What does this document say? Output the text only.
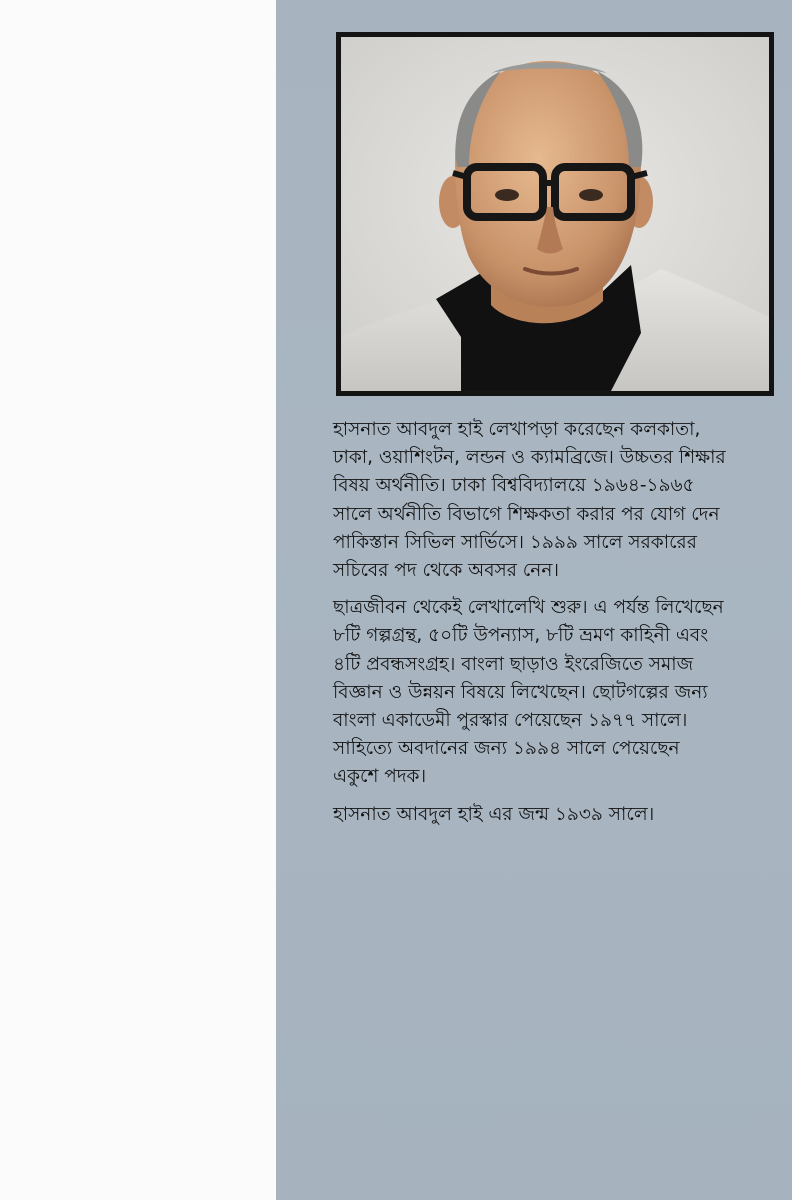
হাসনাত আবদুল হাই লেখাপড়া করেছেন কলকাতা,
ঢাকা, ওয়াশিংটন, লন্ডন ও ক্যামব্রিজে। উচ্চতর শিক্ষার
বিষয় অর্থনীতি। ঢাকা বিশ্ববিদ্যালয়ে ১৯৬৪-১৯৬৫
সালে অর্থনীতি বিভাগে শিক্ষকতা করার পর যোগ দেন
পাকিস্তান সিভিল সার্ভিসে। ১৯৯৯ সালে সরকারের
সচিবের পদ থেকে অবসর নেন।

ছাত্রজীবন থেকেই লেখালেখি শুরু। এ পর্যন্ত লিখেছেন
৮টি গল্পগ্রন্থ, ৫০টি উপন্যাস, ৮টি ভ্রমণ কাহিনী এবং
৪টি প্রবন্ধসংগ্রহ। বাংলা ছাড়াও ইংরেজিতে সমাজ
বিজ্ঞান ও উন্নয়ন বিষয়ে লিখেছেন। ছোটগল্পের জন্য
বাংলা একাডেমী পুরস্কার পেয়েছেন ১৯৭৭ সালে।
সাহিত্যে অবদানের জন্য ১৯৯৪ সালে পেয়েছেন
একুশে পদক।

হাসনাত আবদুল হাই এর জন্ম ১৯৩৯ সালে।
